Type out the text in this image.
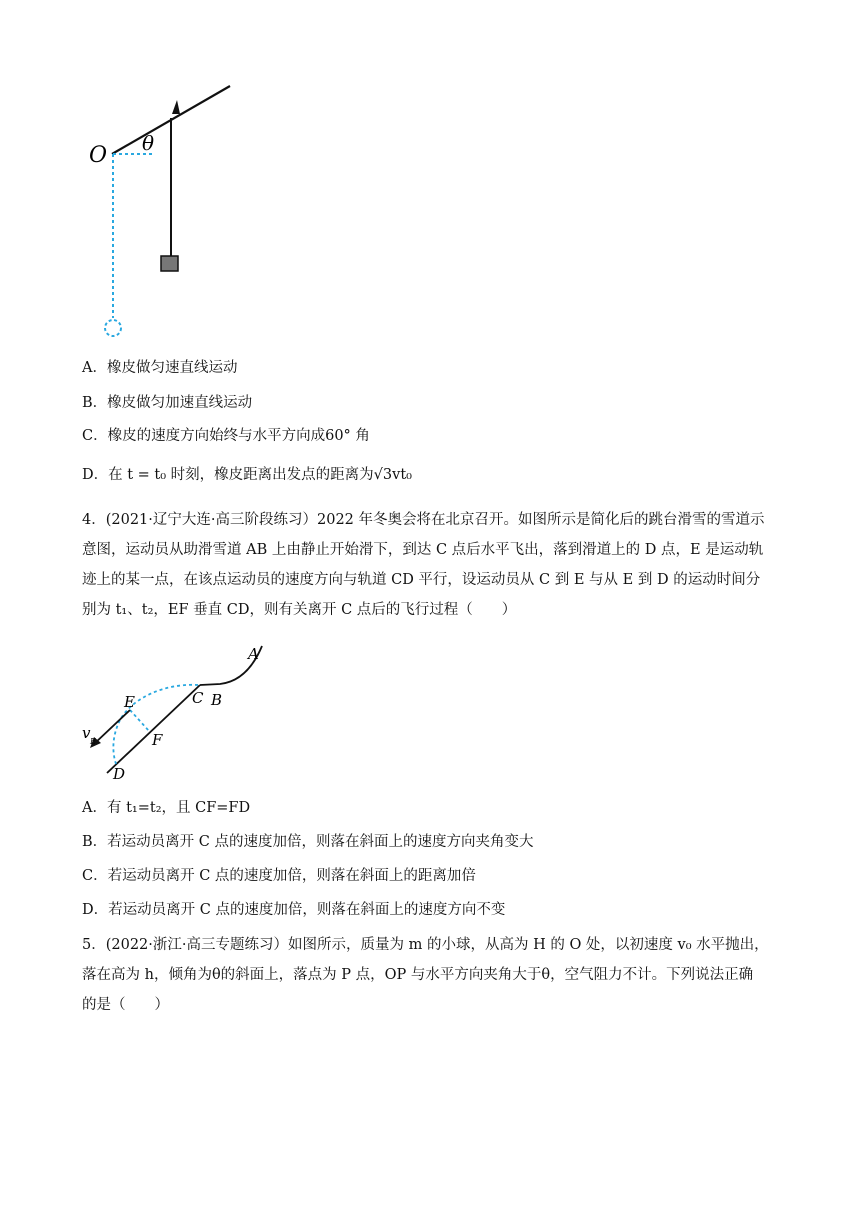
O θ
A．橡皮做匀速直线运动
B．橡皮做匀加速直线运动
C．橡皮的速度方向始终与水平方向成60° 角
D．在 t = t₀ 时刻，橡皮距离出发点的距离为√3vt₀
4．(2021·辽宁大连·高三阶段练习）2022 年冬奥会将在北京召开。如图所示是简化后的跳台滑雪的雪道示
意图，运动员从助滑雪道 AB 上由静止开始滑下，到达 C 点后水平飞出，落到滑道上的 D 点，E 是运动轨
迹上的某一点，在该点运动员的速度方向与轨道 CD 平行，设运动员从 C 到 E 与从 E 到 D 的运动时间分
别为 t₁、t₂，EF 垂直 CD，则有关离开 C 点后的飞行过程（　　）
A
C B
E
F
D
v E
A．有 t₁=t₂，且 CF=FD
B．若运动员离开 C 点的速度加倍，则落在斜面上的速度方向夹角变大
C．若运动员离开 C 点的速度加倍，则落在斜面上的距离加倍
D．若运动员离开 C 点的速度加倍，则落在斜面上的速度方向不变
5．(2022·浙江·高三专题练习）如图所示，质量为 m 的小球，从高为 H 的 O 处，以初速度 v₀ 水平抛出，
落在高为 h，倾角为θ的斜面上，落点为 P 点，OP 与水平方向夹角大于θ，空气阻力不计。下列说法正确
的是（　　）
